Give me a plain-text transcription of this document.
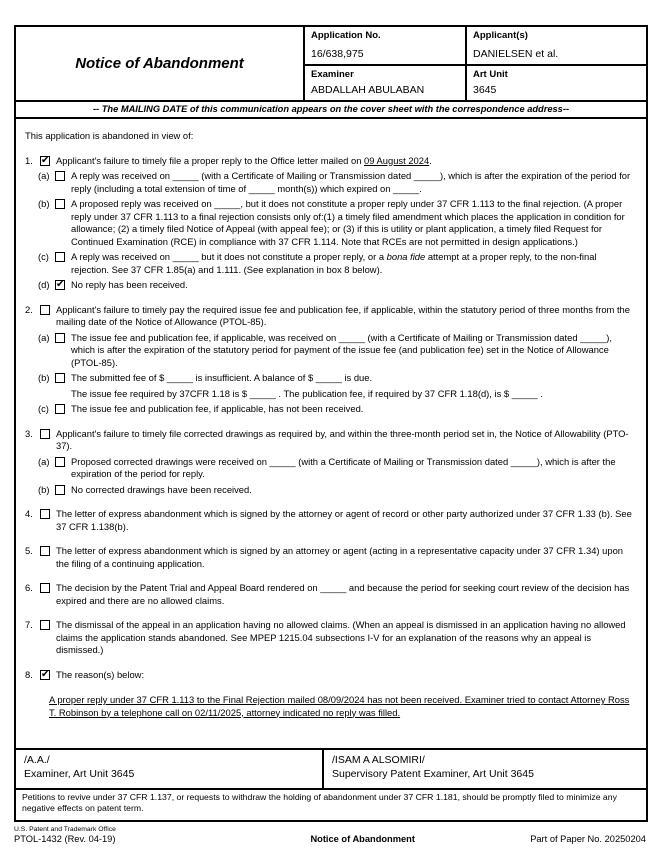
Notice of Abandonment
Application No.
16/638,975
Applicant(s)
DANIELSEN et al.
Examiner
ABDALLAH ABULABAN
Art Unit
3645
-- The MAILING DATE of this communication appears on the cover sheet with the correspondence address--
This application is abandoned in view of:
1. ✔	Applicant's failure to timely file a proper reply to the Office letter mailed on 09 August 2024.
(a)	A reply was received on _____ (with a Certificate of Mailing or Transmission dated _____), which is after the expiration of the period for reply (including a total extension of time of _____ month(s)) which expired on _____.
(b)	A proposed reply was received on _____, but it does not constitute a proper reply under 37 CFR 1.113 to the final rejection. (A proper reply under 37 CFR 1.113 to a final rejection consists only of:(1) a timely filed amendment which places the application in condition for allowance; (2) a timely filed Notice of Appeal (with appeal fee); or (3) if this is utility or plant application, a timely filed Request for Continued Examination (RCE) in compliance with 37 CFR 1.114. Note that RCEs are not permitted in design applications.)
(c)	A reply was received on _____ but it does not constitute a proper reply, or a bona fide attempt at a proper reply, to the non-final rejection. See 37 CFR 1.85(a) and 1.111. (See explanation in box 8 below).
(d) ✔	No reply has been received.
2.	Applicant's failure to timely pay the required issue fee and publication fee, if applicable, within the statutory period of three months from the mailing date of the Notice of Allowance (PTOL-85).
(a)	The issue fee and publication fee, if applicable, was received on _____ (with a Certificate of Mailing or Transmission dated _____), which is after the expiration of the statutory period for payment of the issue fee (and publication fee) set in the Notice of Allowance (PTOL-85).
(b)	The submitted fee of $ _____ is insufficient. A balance of $ _____ is due.
The issue fee required by 37CFR 1.18 is $ _____ . The publication fee, if required by 37 CFR 1.18(d), is $ _____ .
(c)	The issue fee and publication fee, if applicable, has not been received.
3.	Applicant's failure to timely file corrected drawings as required by, and within the three-month period set in, the Notice of Allowability (PTO-37).
(a)	Proposed corrected drawings were received on _____ (with a Certificate of Mailing or Transmission dated _____), which is after the expiration of the period for reply.
(b)	No corrected drawings have been received.
4.	The letter of express abandonment which is signed by the attorney or agent of record or other party authorized under 37 CFR 1.33 (b). See 37 CFR 1.138(b).
5.	The letter of express abandonment which is signed by an attorney or agent (acting in a representative capacity under 37 CFR 1.34) upon the filing of a continuing application.
6.	The decision by the Patent Trial and Appeal Board rendered on _____ and because the period for seeking court review of the decision has expired and there are no allowed claims.
7.	The dismissal of the appeal in an application having no allowed claims. (When an appeal is dismissed in an application having no allowed claims the application stands abandoned. See MPEP 1215.04 subsections I-V for an explanation of the reasons why an appeal is dismissed.)
8. ✔	The reason(s) below:
A proper reply under 37 CFR 1.113 to the Final Rejection mailed 08/09/2024 has not been received. Examiner tried to contact Attorney Ross T. Robinson by a telephone call on 02/11/2025, attorney indicated no reply was filled.
/A.A./
Examiner, Art Unit 3645
/ISAM A ALSOMIRI/
Supervisory Patent Examiner, Art Unit 3645
Petitions to revive under 37 CFR 1.137, or requests to withdraw the holding of abandonment under 37 CFR 1.181, should be promptly filed to minimize any negative effects on patent term.
U.S. Patent and Trademark Office
PTOL-1432 (Rev. 04-19)	Notice of Abandonment	Part of Paper No. 20250204
